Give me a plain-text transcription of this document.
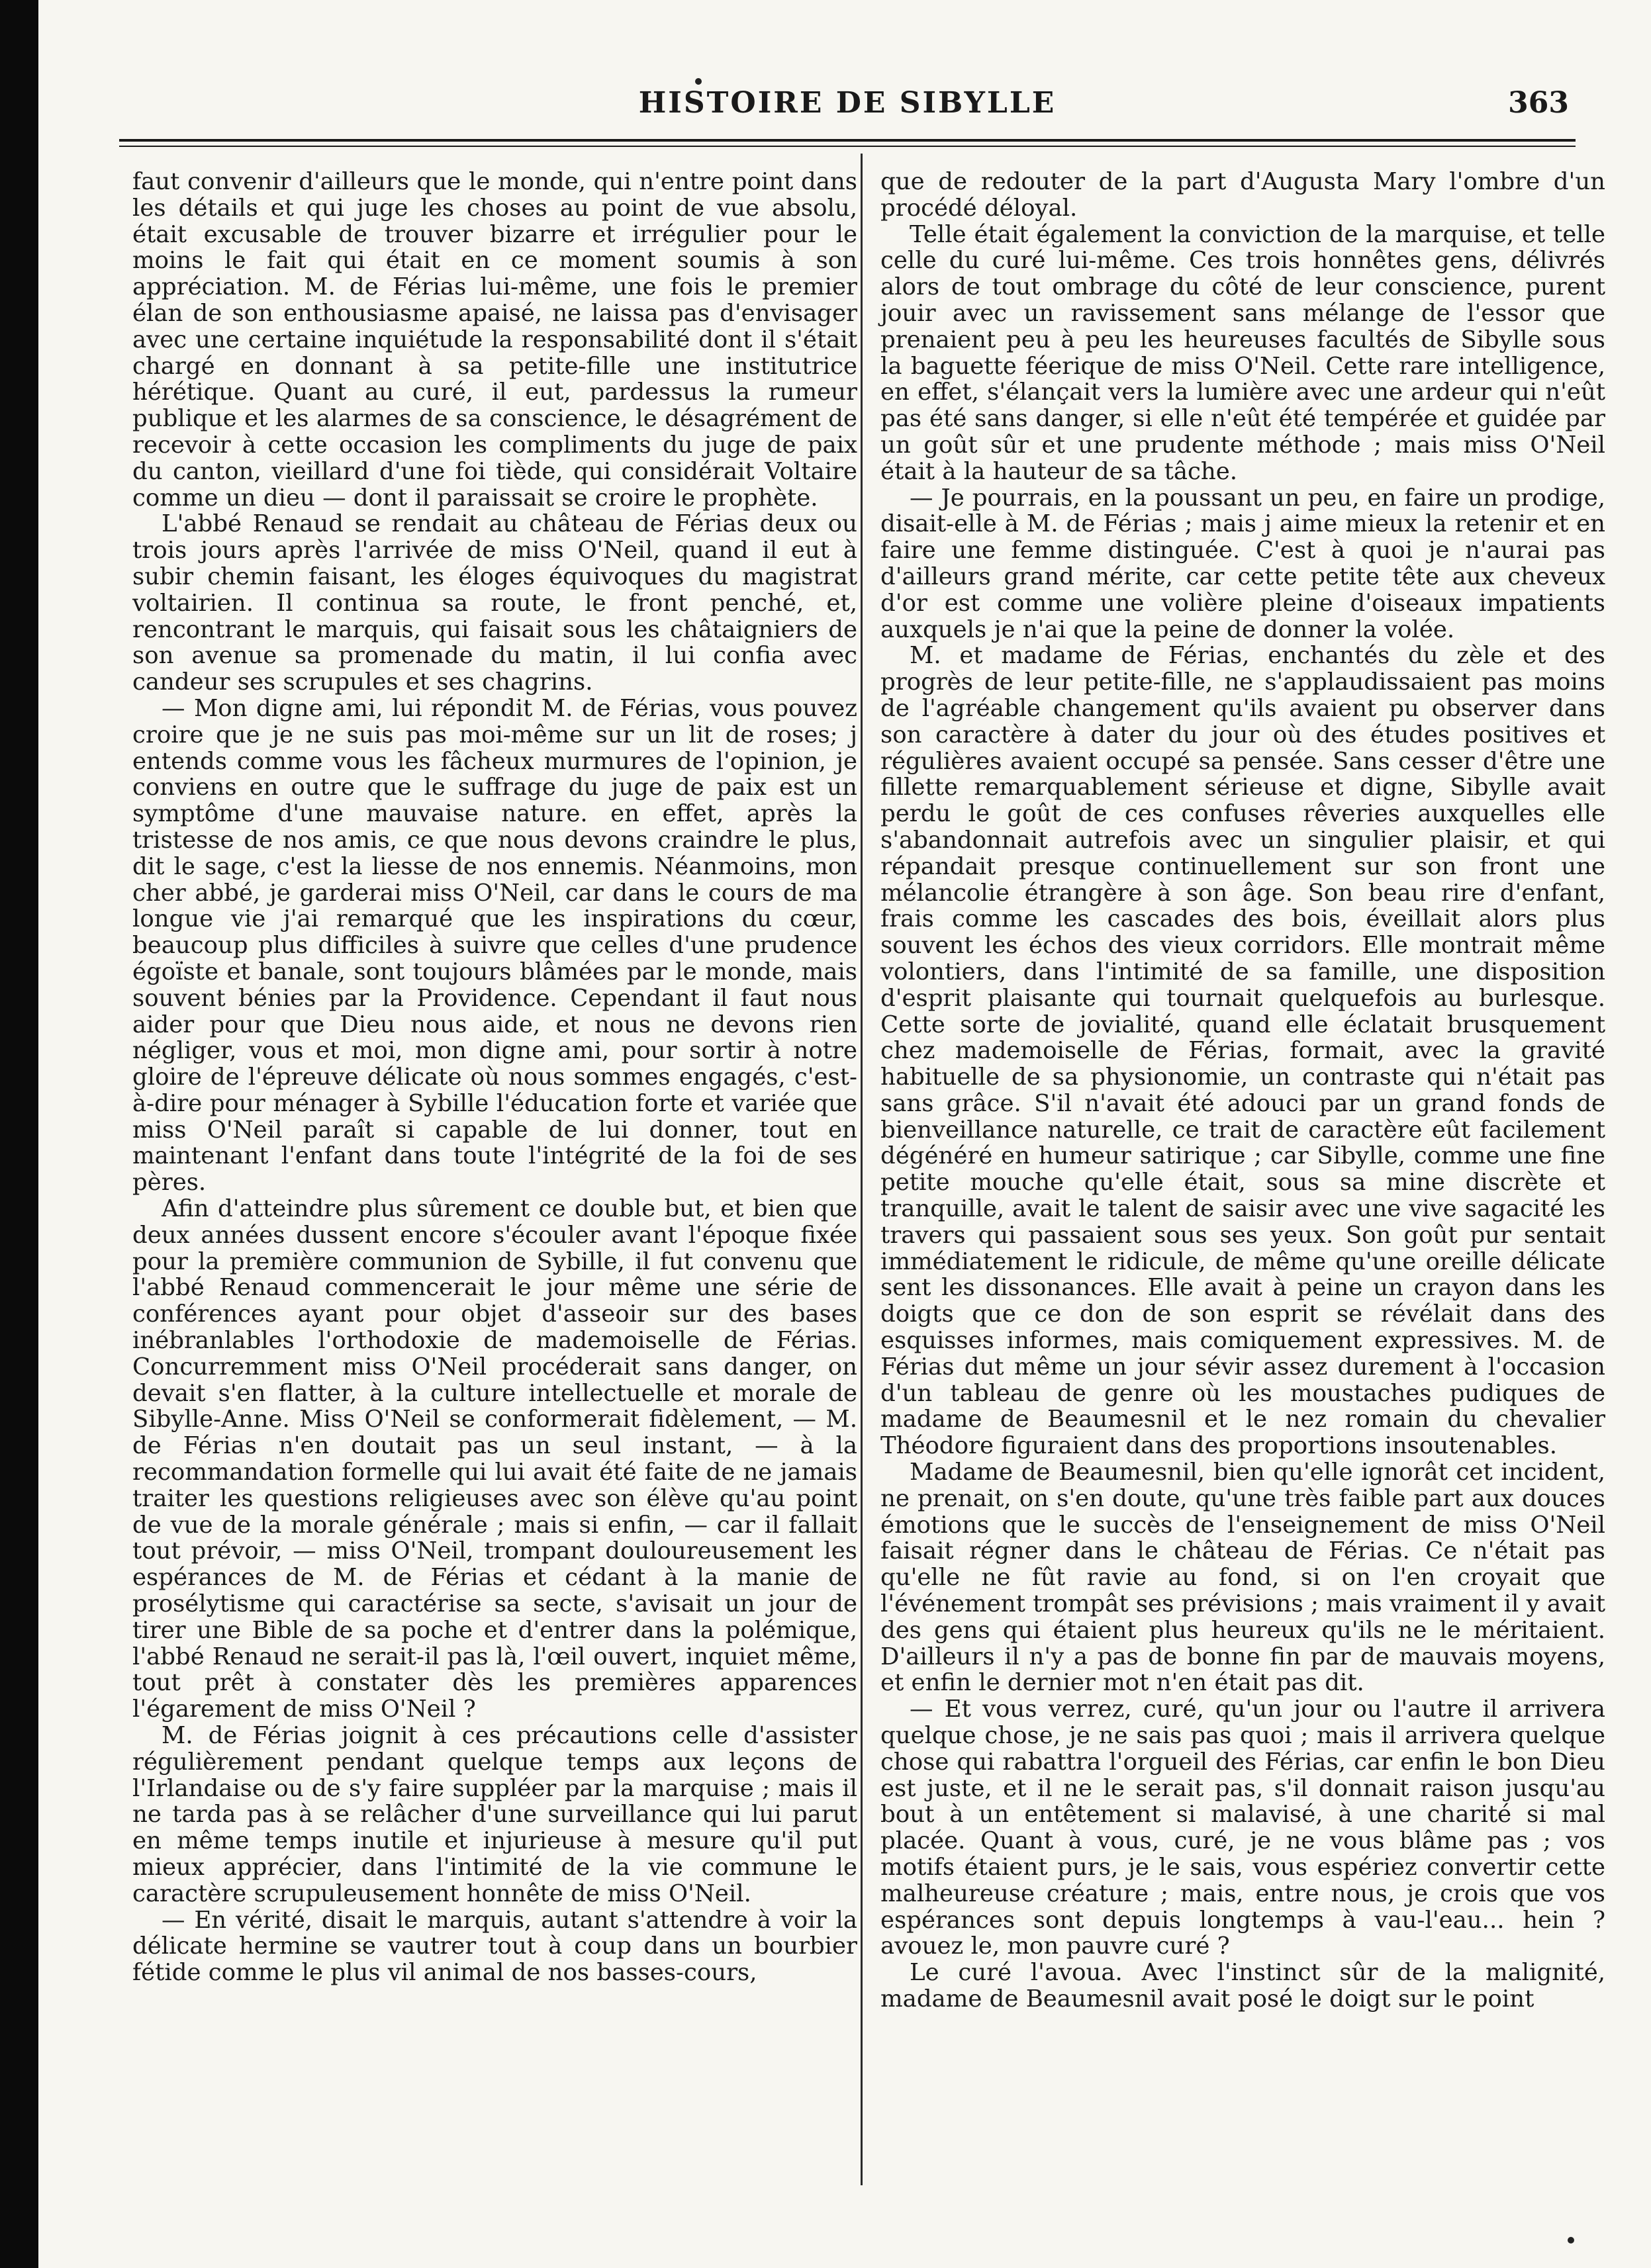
HISTOIRE DE SIBYLLE	363

faut convenir d'ailleurs que le monde, qui n'entre point dans les détails et qui juge les choses au point de vue absolu, était excusable de trouver bizarre et irrégulier pour le moins le fait qui était en ce moment soumis à son appréciation. M. de Férias lui-même, une fois le premier élan de son enthousiasme apaisé, ne laissa pas d'envisager avec une certaine inquiétude la responsabilité dont il s'était chargé en donnant à sa petite-fille une institutrice hérétique. Quant au curé, il eut, pardessus la rumeur publique et les alarmes de sa conscience, le désagrément de recevoir à cette occasion les compliments du juge de paix du canton, vieillard d'une foi tiède, qui considérait Voltaire comme un dieu — dont il paraissait se croire le prophète.

L'abbé Renaud se rendait au château de Férias deux ou trois jours après l'arrivée de miss O'Neil, quand il eut à subir chemin faisant, les éloges équivoques du magistrat voltairien. Il continua sa route, le front penché, et, rencontrant le marquis, qui faisait sous les châtaigniers de son avenue sa promenade du matin, il lui confia avec candeur ses scrupules et ses chagrins.

— Mon digne ami, lui répondit M. de Férias, vous pouvez croire que je ne suis pas moi-même sur un lit de roses; j entends comme vous les fâcheux murmures de l'opinion, je conviens en outre que le suffrage du juge de paix est un symptôme d'une mauvaise nature. en effet, après la tristesse de nos amis, ce que nous devons craindre le plus, dit le sage, c'est la liesse de nos ennemis. Néanmoins, mon cher abbé, je garderai miss O'Neil, car dans le cours de ma longue vie j'ai remarqué que les inspirations du cœur, beaucoup plus difficiles à suivre que celles d'une prudence égoïste et banale, sont toujours blâmées par le monde, mais souvent bénies par la Providence. Cependant il faut nous aider pour que Dieu nous aide, et nous ne devons rien négliger, vous et moi, mon digne ami, pour sortir à notre gloire de l'épreuve délicate où nous sommes engagés, c'est-à-dire pour ménager à Sybille l'éducation forte et variée que miss O'Neil paraît si capable de lui donner, tout en maintenant l'enfant dans toute l'intégrité de la foi de ses pères.

Afin d'atteindre plus sûrement ce double but, et bien que deux années dussent encore s'écouler avant l'époque fixée pour la première communion de Sybille, il fut convenu que l'abbé Renaud commencerait le jour même une série de conférences ayant pour objet d'asseoir sur des bases inébranlables l'orthodoxie de mademoiselle de Férias. Concurremment miss O'Neil procéderait sans danger, on devait s'en flatter, à la culture intellectuelle et morale de Sibylle-Anne. Miss O'Neil se conformerait fidèlement, — M. de Férias n'en doutait pas un seul instant, — à la recommandation formelle qui lui avait été faite de ne jamais traiter les questions religieuses avec son élève qu'au point de vue de la morale générale ; mais si enfin, — car il fallait tout prévoir, — miss O'Neil, trompant douloureusement les espérances de M. de Férias et cédant à la manie de prosélytisme qui caractérise sa secte, s'avisait un jour de tirer une Bible de sa poche et d'entrer dans la polémique, l'abbé Renaud ne serait-il pas là, l'œil ouvert, inquiet même, tout prêt à constater dès les premières apparences l'égarement de miss O'Neil ?

M. de Férias joignit à ces précautions celle d'assister régulièrement pendant quelque temps aux leçons de l'Irlandaise ou de s'y faire suppléer par la marquise ; mais il ne tarda pas à se relâcher d'une surveillance qui lui parut en même temps inutile et injurieuse à mesure qu'il put mieux apprécier, dans l'intimité de la vie commune le caractère scrupuleusement honnête de miss O'Neil.

— En vérité, disait le marquis, autant s'attendre à voir la délicate hermine se vautrer tout à coup dans un bourbier fétide comme le plus vil animal de nos basses-cours,

que de redouter de la part d'Augusta Mary l'ombre d'un procédé déloyal.

Telle était également la conviction de la marquise, et telle celle du curé lui-même. Ces trois honnêtes gens, délivrés alors de tout ombrage du côté de leur conscience, purent jouir avec un ravissement sans mélange de l'essor que prenaient peu à peu les heureuses facultés de Sibylle sous la baguette féerique de miss O'Neil. Cette rare intelligence, en effet, s'élançait vers la lumière avec une ardeur qui n'eût pas été sans danger, si elle n'eût été tempérée et guidée par un goût sûr et une prudente méthode ; mais miss O'Neil était à la hauteur de sa tâche.

— Je pourrais, en la poussant un peu, en faire un prodige, disait-elle à M. de Férias ; mais j aime mieux la retenir et en faire une femme distinguée. C'est à quoi je n'aurai pas d'ailleurs grand mérite, car cette petite tête aux cheveux d'or est comme une volière pleine d'oiseaux impatients auxquels je n'ai que la peine de donner la volée.

M. et madame de Férias, enchantés du zèle et des progrès de leur petite-fille, ne s'applaudissaient pas moins de l'agréable changement qu'ils avaient pu observer dans son caractère à dater du jour où des études positives et régulières avaient occupé sa pensée. Sans cesser d'être une fillette remarquablement sérieuse et digne, Sibylle avait perdu le goût de ces confuses rêveries auxquelles elle s'abandonnait autrefois avec un singulier plaisir, et qui répandait presque continuellement sur son front une mélancolie étrangère à son âge. Son beau rire d'enfant, frais comme les cascades des bois, éveillait alors plus souvent les échos des vieux corridors. Elle montrait même volontiers, dans l'intimité de sa famille, une disposition d'esprit plaisante qui tournait quelquefois au burlesque. Cette sorte de jovialité, quand elle éclatait brusquement chez mademoiselle de Férias, formait, avec la gravité habituelle de sa physionomie, un contraste qui n'était pas sans grâce. S'il n'avait été adouci par un grand fonds de bienveillance naturelle, ce trait de caractère eût facilement dégénéré en humeur satirique ; car Sibylle, comme une fine petite mouche qu'elle était, sous sa mine discrète et tranquille, avait le talent de saisir avec une vive sagacité les travers qui passaient sous ses yeux. Son goût pur sentait immédiatement le ridicule, de même qu'une oreille délicate sent les dissonances. Elle avait à peine un crayon dans les doigts que ce don de son esprit se révélait dans des esquisses informes, mais comiquement expressives. M. de Férias dut même un jour sévir assez durement à l'occasion d'un tableau de genre où les moustaches pudiques de madame de Beaumesnil et le nez romain du chevalier Théodore figuraient dans des proportions insoutenables.

Madame de Beaumesnil, bien qu'elle ignorât cet incident, ne prenait, on s'en doute, qu'une très faible part aux douces émotions que le succès de l'enseignement de miss O'Neil faisait régner dans le château de Férias. Ce n'était pas qu'elle ne fût ravie au fond, si on l'en croyait que l'événement trompât ses prévisions ; mais vraiment il y avait des gens qui étaient plus heureux qu'ils ne le méritaient. D'ailleurs il n'y a pas de bonne fin par de mauvais moyens, et enfin le dernier mot n'en était pas dit.

— Et vous verrez, curé, qu'un jour ou l'autre il arrivera quelque chose, je ne sais pas quoi ; mais il arrivera quelque chose qui rabattra l'orgueil des Férias, car enfin le bon Dieu est juste, et il ne le serait pas, s'il donnait raison jusqu'au bout à un entêtement si malavisé, à une charité si mal placée. Quant à vous, curé, je ne vous blâme pas ; vos motifs étaient purs, je le sais, vous espériez convertir cette malheureuse créature ; mais, entre nous, je crois que vos espérances sont depuis longtemps à vau-l'eau... hein ? avouez le, mon pauvre curé ?

Le curé l'avoua. Avec l'instinct sûr de la malignité, madame de Beaumesnil avait posé le doigt sur le point
